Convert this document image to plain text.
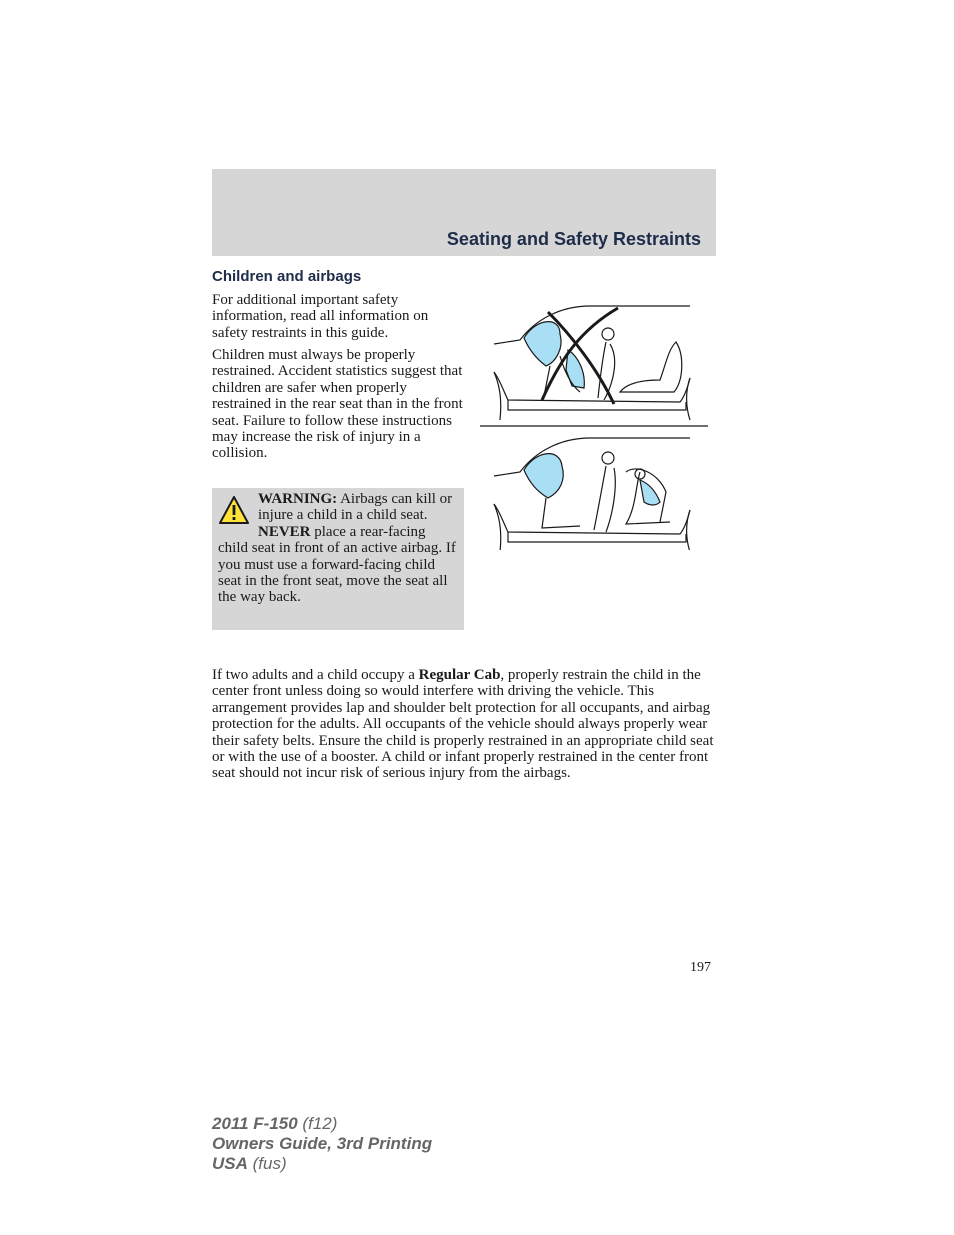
Seating and Safety Restraints
Children and airbags

For additional important safety information, read all information on safety restraints in this guide.

Children must always be properly restrained. Accident statistics suggest that children are safer when properly restrained in the rear seat than in the front seat. Failure to follow these instructions may increase the risk of injury in a collision.

WARNING: Airbags can kill or injure a child in a child seat. NEVER place a rear-facing child seat in front of an active airbag. If you must use a forward-facing child seat in the front seat, move the seat all the way back.

If two adults and a child occupy a Regular Cab, properly restrain the child in the center front unless doing so would interfere with driving the vehicle. This arrangement provides lap and shoulder belt protection for all occupants, and airbag protection for the adults. All occupants of the vehicle should always properly wear their safety belts. Ensure the child is properly restrained in an appropriate child seat or with the use of a booster. A child or infant properly restrained in the center front seat should not incur risk of serious injury from the airbags.

197
2011 F-150 (f12)
Owners Guide, 3rd Printing
USA (fus)
